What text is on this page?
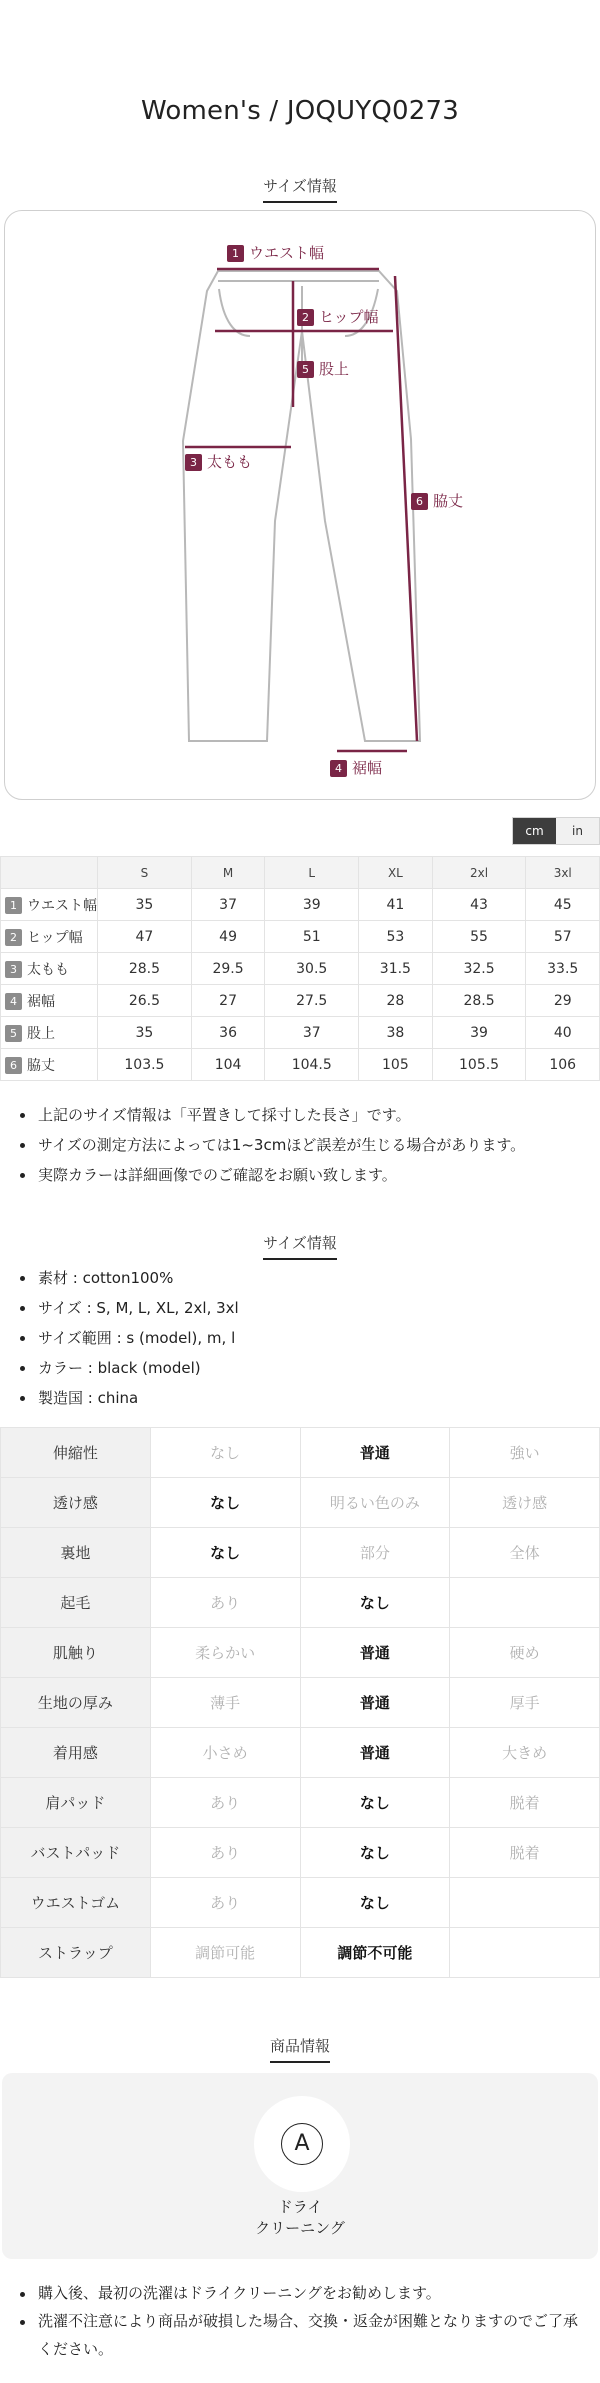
Women's / JOQUYQ0273
サイズ情報
1 ウエスト幅
2 ヒップ幅
5 股上
3 太もも
6 脇丈
4 裾幅
cm	in
	S	M	L	XL	2xl	3xl
1 ウエスト幅	35	37	39	41	43	45
2 ヒップ幅	47	49	51	53	55	57
3 太もも	28.5	29.5	30.5	31.5	32.5	33.5
4 裾幅	26.5	27	27.5	28	28.5	29
5 股上	35	36	37	38	39	40
6 脇丈	103.5	104	104.5	105	105.5	106
上記のサイズ情報は「平置きして採寸した長さ」です。
サイズの測定方法によっては1~3cmほど誤差が生じる場合があります。
実際カラーは詳細画像でのご確認をお願い致します。
サイズ情報
素材 : cotton100%
サイズ : S, M, L, XL, 2xl, 3xl
サイズ範囲 : s (model), m, l
カラー : black (model)
製造国 : china
伸縮性	なし	普通	強い
透け感	なし	明るい色のみ	透け感
裏地	なし	部分	全体
起毛	あり	なし	
肌触り	柔らかい	普通	硬め
生地の厚み	薄手	普通	厚手
着用感	小さめ	普通	大きめ
肩パッド	あり	なし	脱着
バストパッド	あり	なし	脱着
ウエストゴム	あり	なし	
ストラップ	調節可能	調節不可能	
商品情報
A
ドライ
クリーニング
購入後、最初の洗濯はドライクリーニングをお勧めします。
洗濯不注意により商品が破損した場合、交換・返金が困難となりますのでご了承ください。
